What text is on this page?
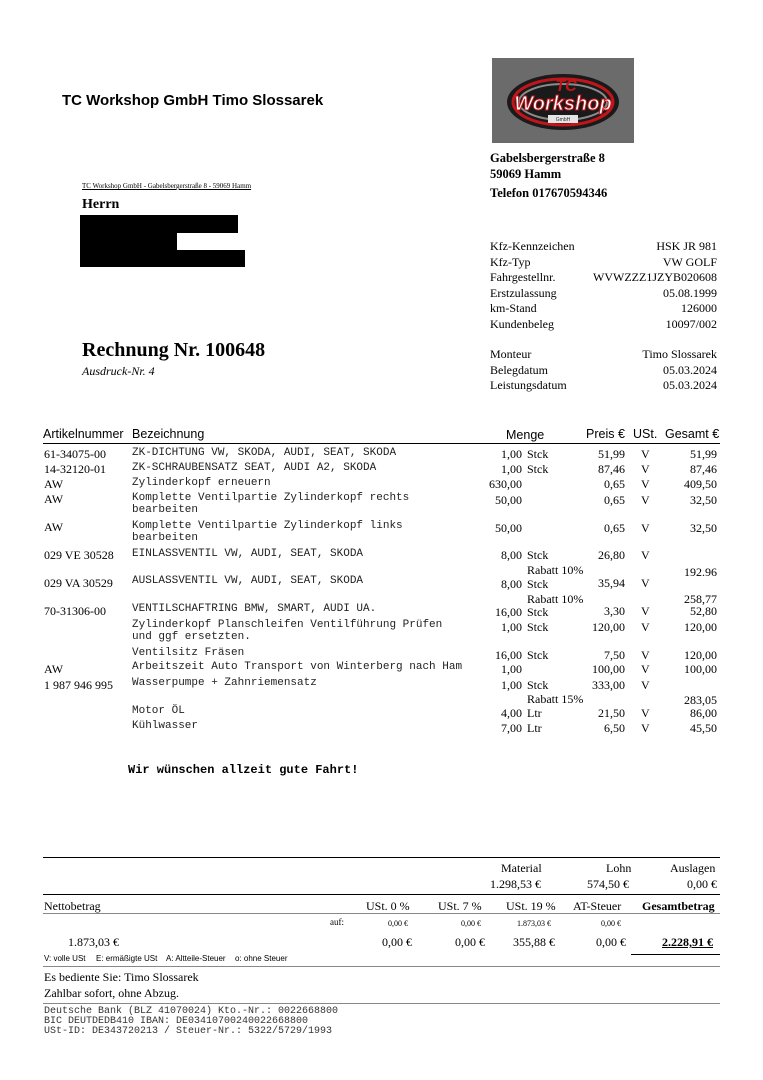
TC Workshop GmbH Timo Slossarek
TC
Workshop
GmbH
Gabelsbergerstraße 8
59069 Hamm
Telefon 017670594346
TC Workshop GmbH - Gabelsbergerstraße 8 - 59069 Hamm
Herrn
Kfz-Kennzeichen	HSK JR 981
Kfz-Typ	VW GOLF
Fahrgestellnr.	WVWZZZ1JZYB020608
Erstzulassung	05.08.1999
km-Stand	126000
Kundenbeleg	10097/002
Rechnung Nr. 100648
Ausdruck-Nr. 4
Monteur	Timo Slossarek
Belegdatum	05.03.2024
Leistungsdatum	05.03.2024
Artikelnummer Bezeichnung	Menge	Preis € USt. Gesamt €
61-34075-00 ZK-DICHTUNG VW, SKODA, AUDI, SEAT, SKODA	1,00 Stck	51,99 V	51,99
14-32120-01 ZK-SCHRAUBENSATZ SEAT, AUDI A2, SKODA	1,00 Stck	87,46 V	87,46
AW	Zylinderkopf erneuern	630,00	0,65 V	409,50
AW	Komplette Ventilpartie Zylinderkopf rechts
bearbeiten
50,00	0,65 V	32,50
AW	Komplette Ventilpartie Zylinderkopf links
bearbeiten
50,00	0,65 V	32,50
029 VE 30528 EINLASSVENTIL VW, AUDI, SEAT, SKODA	8,00 Stck	26,80 V
Rabatt 10%	192.96
029 VA 30529 AUSLASSVENTIL VW, AUDI, SEAT, SKODA	8,00 Stck	35,94 V
Rabatt 10%	258,77
70-31306-00 VENTILSCHAFTRING BMW, SMART, AUDI UA.	16,00 Stck	3,30 V	52,80
Zylinderkopf Planschleifen Ventilführung Prüfen
und ggf ersetzten.
1,00 Stck	120,00 V	120,00
Ventilsitz Fräsen	16,00 Stck	7,50 V	120,00
AW	Arbeitszeit Auto Transport von Winterberg nach Ham	1,00	100,00 V	100,00
1 987 946 995 Wasserpumpe + Zahnriemensatz	1,00 Stck	333,00 V
Rabatt 15%	283,05
Motor ÖL	4,00 Ltr	21,50 V	86,00
Kühlwasser	7,00 Ltr	6,50 V	45,50
Wir wünschen allzeit gute Fahrt!
Material	Lohn	Auslagen
1.298,53 €	574,50 €	0,00 €
Nettobetrag	USt. 0 % USt. 7 % USt. 19 % AT-Steuer Gesamtbetrag
auf:	0,00 €	0,00 €	1.873,03 €	0,00 €
1.873,03 €	0,00 €	0,00 € 355,88 €	0,00 €	2.228,91 €
V: volle USt E: ermäßigte USt A: Altteile-Steuer o: ohne Steuer
Es bediente Sie: Timo Slossarek
Zahlbar sofort, ohne Abzug.
Deutsche Bank (BLZ 41070024) Kto.-Nr.: 0022668800
BIC DEUTDEDB410 IBAN: DE03410700240022668800
USt-ID: DE343720213 / Steuer-Nr.: 5322/5729/1993
